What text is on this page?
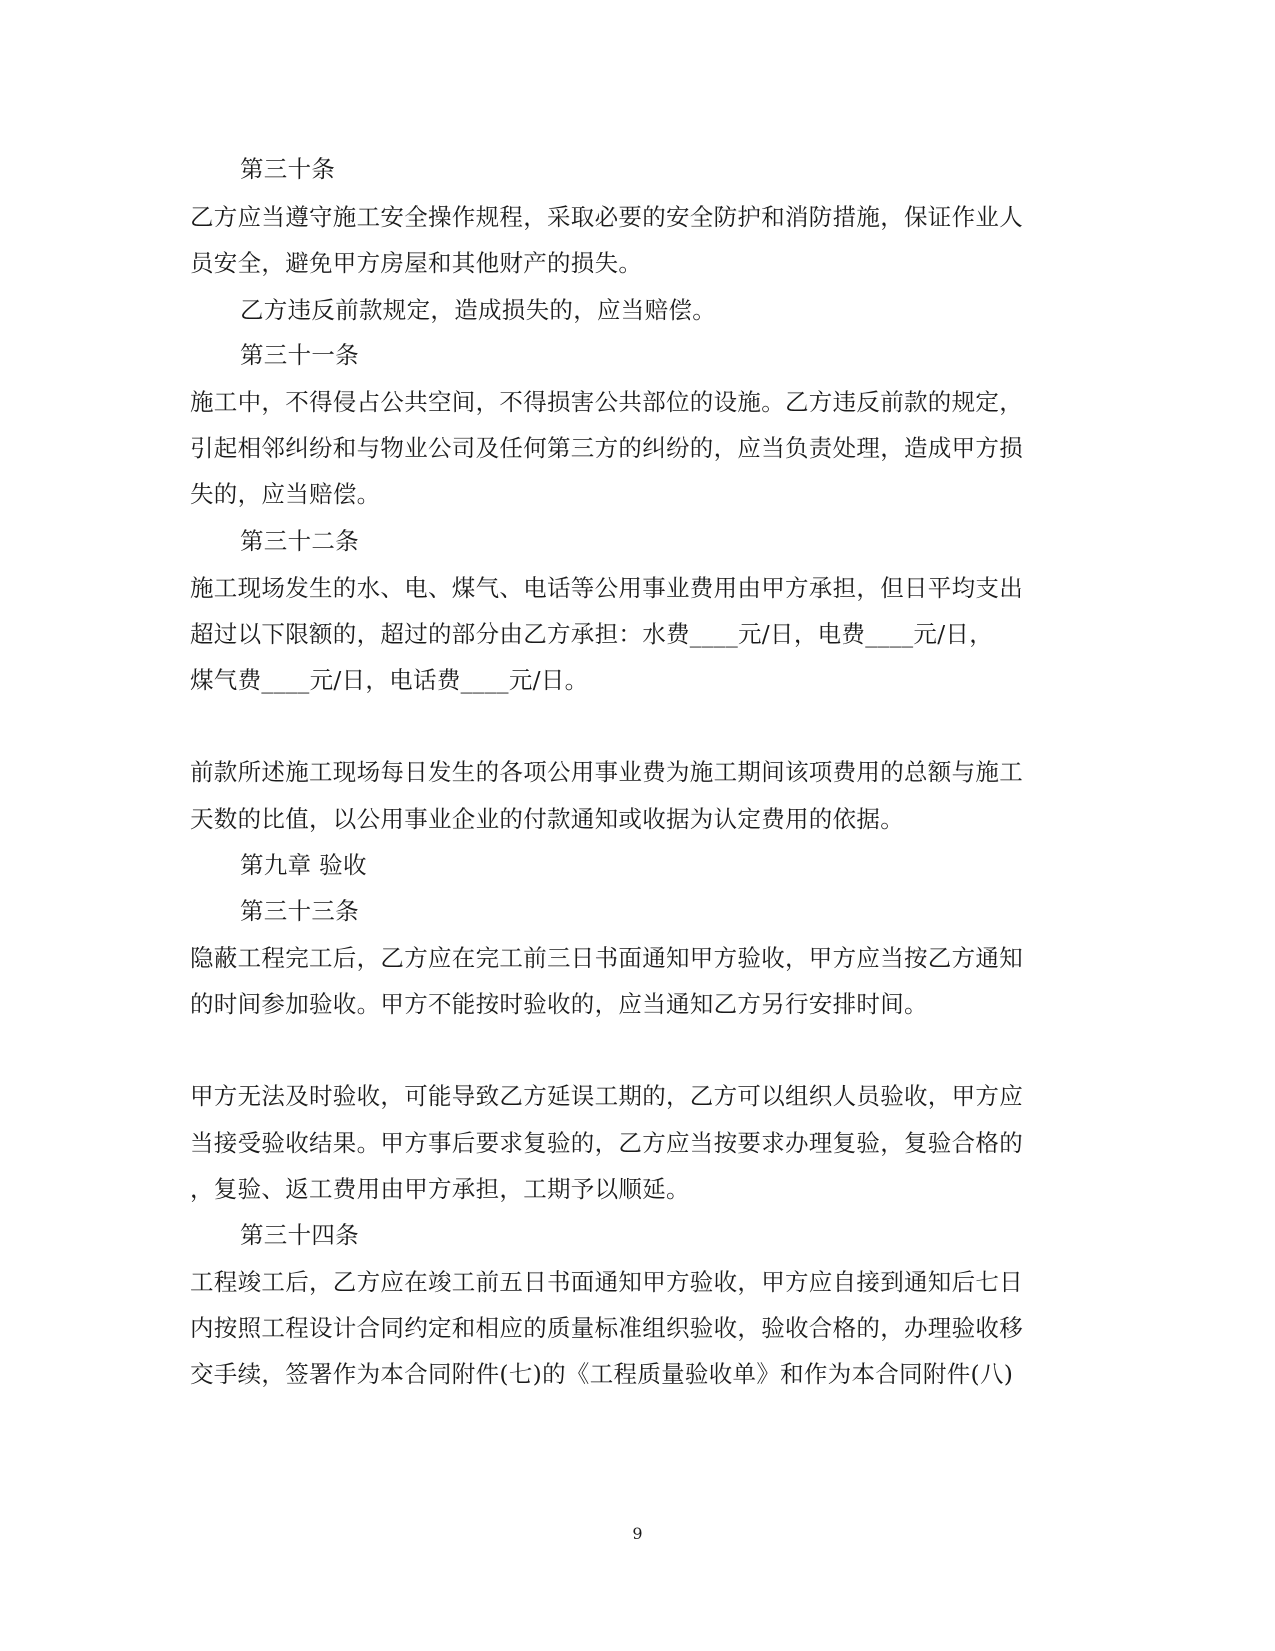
第三十条
乙方应当遵守施工安全操作规程，采取必要的安全防护和消防措施，保证作业人
员安全，避免甲方房屋和其他财产的损失。
乙方违反前款规定，造成损失的，应当赔偿。
第三十一条
施工中，不得侵占公共空间，不得损害公共部位的设施。乙方违反前款的规定，
引起相邻纠纷和与物业公司及任何第三方的纠纷的，应当负责处理，造成甲方损
失的，应当赔偿。
第三十二条
施工现场发生的水、电、煤气、电话等公用事业费用由甲方承担，但日平均支出
超过以下限额的，超过的部分由乙方承担：水费____元/日，电费____元/日，
煤气费____元/日，电话费____元/日。
前款所述施工现场每日发生的各项公用事业费为施工期间该项费用的总额与施工
天数的比值，以公用事业企业的付款通知或收据为认定费用的依据。
第九章 验收
第三十三条
隐蔽工程完工后，乙方应在完工前三日书面通知甲方验收，甲方应当按乙方通知
的时间参加验收。甲方不能按时验收的，应当通知乙方另行安排时间。
甲方无法及时验收，可能导致乙方延误工期的，乙方可以组织人员验收，甲方应
当接受验收结果。甲方事后要求复验的，乙方应当按要求办理复验，复验合格的
，复验、返工费用由甲方承担，工期予以顺延。
第三十四条
工程竣工后，乙方应在竣工前五日书面通知甲方验收，甲方应自接到通知后七日
内按照工程设计合同约定和相应的质量标准组织验收，验收合格的，办理验收移
交手续，签署作为本合同附件(七)的《工程质量验收单》和作为本合同附件(八)
9
